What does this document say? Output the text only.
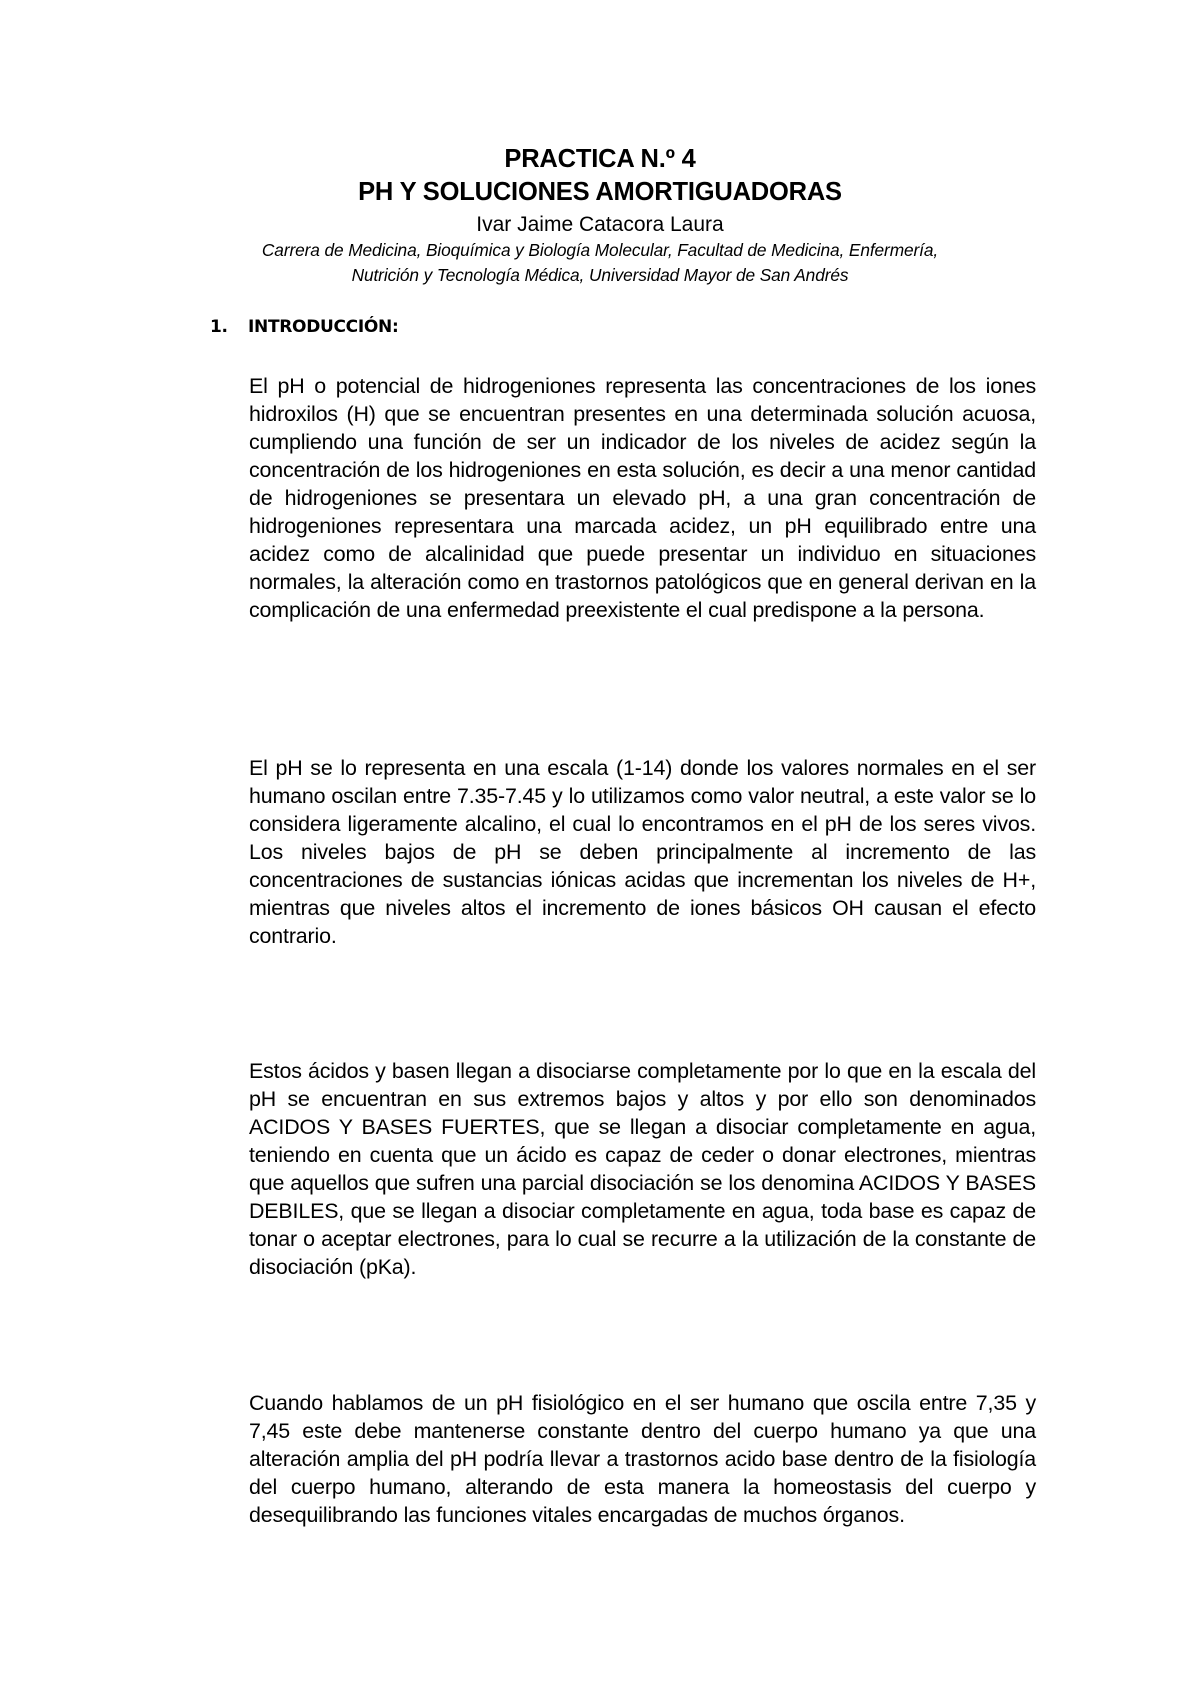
PRACTICA N.º 4
PH Y SOLUCIONES AMORTIGUADORAS
Ivar Jaime Catacora Laura
Carrera de Medicina, Bioquímica y Biología Molecular, Facultad de Medicina, Enfermería,
Nutrición y Tecnología Médica, Universidad Mayor de San Andrés
1. INTRODUCCIÓN:

El pH o potencial de hidrogeniones representa las concentraciones de los iones hidroxilos (H) que se encuentran presentes en una determinada solución acuosa, cumpliendo una función de ser un indicador de los niveles de acidez según la concentración de los hidrogeniones en esta solución, es decir a una menor cantidad de hidrogeniones se presentara un elevado pH, a una gran concentración de hidrogeniones representara una marcada acidez, un pH equilibrado entre una acidez como de alcalinidad que puede presentar un individuo en situaciones normales, la alteración como en trastornos patológicos que en general derivan en la complicación de una enfermedad preexistente el cual predispone a la persona.

El pH se lo representa en una escala (1-14) donde los valores normales en el ser humano oscilan entre 7.35-7.45 y lo utilizamos como valor neutral, a este valor se lo considera ligeramente alcalino, el cual lo encontramos en el pH de los seres vivos. Los niveles bajos de pH se deben principalmente al incremento de las concentraciones de sustancias iónicas acidas que incrementan los niveles de H+, mientras que niveles altos el incremento de iones básicos OH causan el efecto contrario.

Estos ácidos y basen llegan a disociarse completamente por lo que en la escala del pH se encuentran en sus extremos bajos y altos y por ello son denominados ACIDOS Y BASES FUERTES, que se llegan a disociar completamente en agua, teniendo en cuenta que un ácido es capaz de ceder o donar electrones, mientras que aquellos que sufren una parcial disociación se los denomina ACIDOS Y BASES DEBILES, que se llegan a disociar completamente en agua, toda base es capaz de tonar o aceptar electrones, para lo cual se recurre a la utilización de la constante de disociación (pKa).

Cuando hablamos de un pH fisiológico en el ser humano que oscila entre 7,35 y 7,45 este debe mantenerse constante dentro del cuerpo humano ya que una alteración amplia del pH podría llevar a trastornos acido base dentro de la fisiología del cuerpo humano, alterando de esta manera la homeostasis del cuerpo y desequilibrando las funciones vitales encargadas de muchos órganos.
